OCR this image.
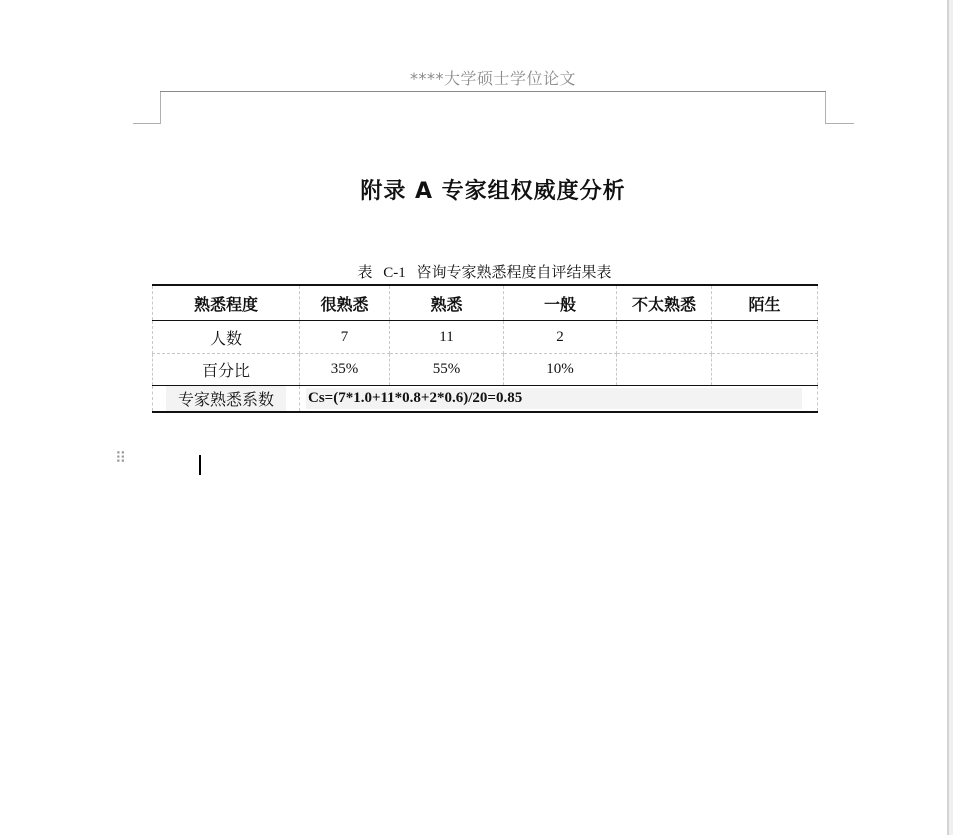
****大学硕士学位论文
附录 A 专家组权威度分析
表 C-1 咨询专家熟悉程度自评结果表
熟悉程度	很熟悉	熟悉	一般	不太熟悉	陌生
人数	7	11	2		
百分比	35%	55%	10%		
专家熟悉系数	Cs=(7*1.0+11*0.8+2*0.6)/20=0.85				
⠿
